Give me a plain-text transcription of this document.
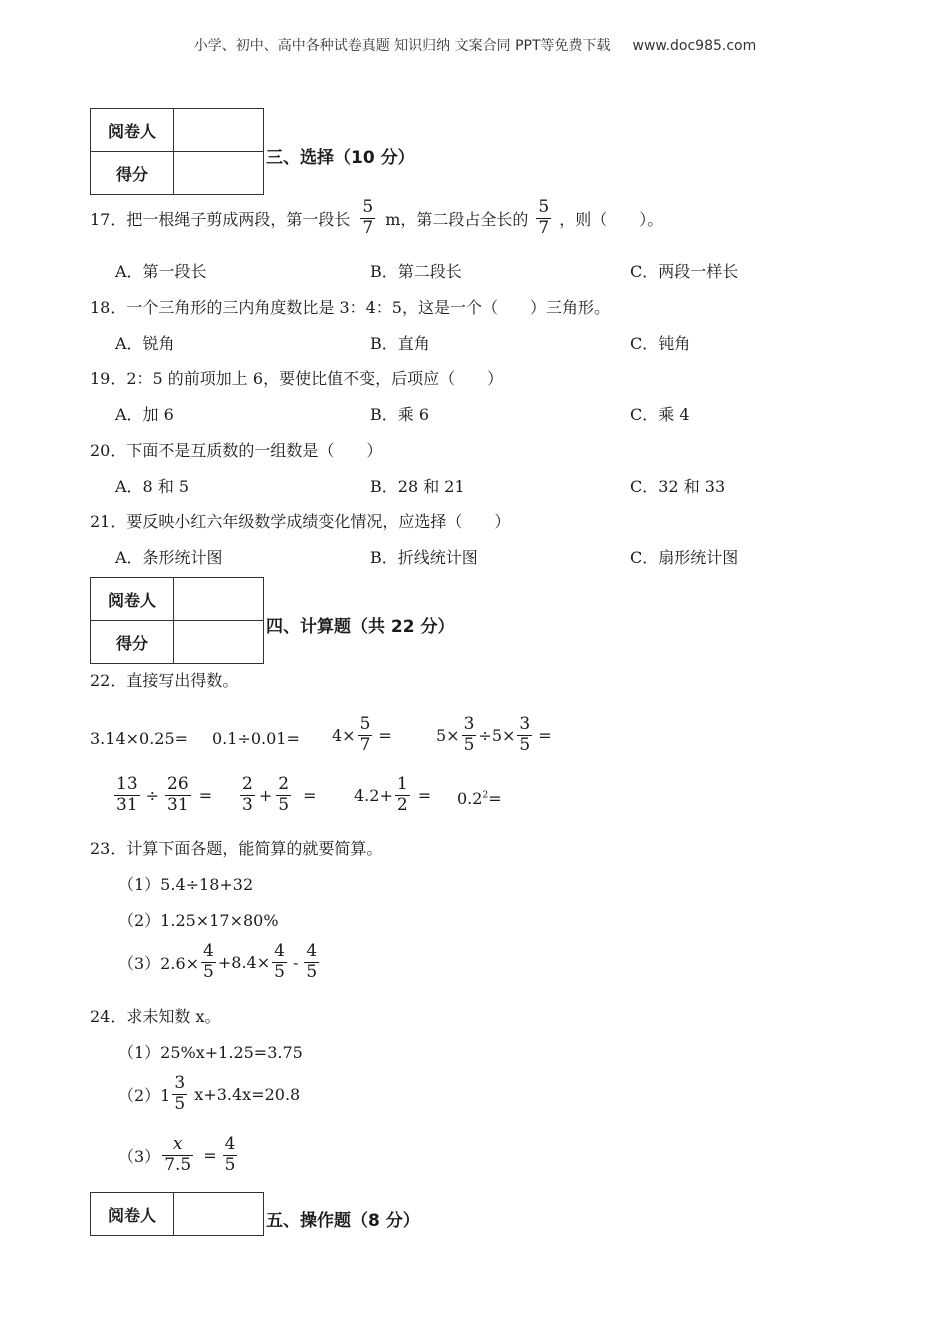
小学、初中、高中各种试卷真题 知识归纳 文案合同 PPT等免费下载 www.doc985.com
阅卷人	
得分	
三、选择（10 分）
17．把一根绳子剪成两段，第一段长 $\frac{5}{7}$ m，第二段占全长的 $\frac{5}{7}$ ，则（　　）。
A．第一段长	B．第二段长	C．两段一样长
18．一个三角形的三内角度数比是 3：4：5，这是一个（　　）三角形。
A．锐角	B．直角	C．钝角
19．2：5 的前项加上 6，要使比值不变，后项应（　　）
A．加 6	B．乘 6	C．乘 4
20．下面不是互质数的一组数是（　　）
A．8 和 5	B．28 和 21	C．32 和 33
21．要反映小红六年级数学成绩变化情况，应选择（　　）
A．条形统计图	B．折线统计图	C．扇形统计图
阅卷人	
得分	
四、计算题（共 22 分）
22．直接写出得数。
$3.14\times 0.25= 0.1\div 0.01= 4\times \frac{5}{7}$ =	$5\times \frac{3}{5} \div 5\times \frac{3}{5}$ =
$\frac{13}{31} \div \frac{26}{31} = \frac{2}{3} + \frac{2}{5} = 4.2+ \frac{1}{2} = 0.2^2=$
23．计算下面各题，能简算的就要简算。
（1）5.4÷18+32
（2）1.25×17×80%
$(3)2.6\times \frac{4}{5} +8.4\times \frac{4}{5} - \frac{4}{5}$
24．求未知数 x。
（1）25%x+1.25=3.75
$(2)1 \frac{3}{5} x+3.4x=20.8$
$(3) \frac{x}{7.5} = \frac{4}{5}$
阅卷人		五、操作题（8 分）
